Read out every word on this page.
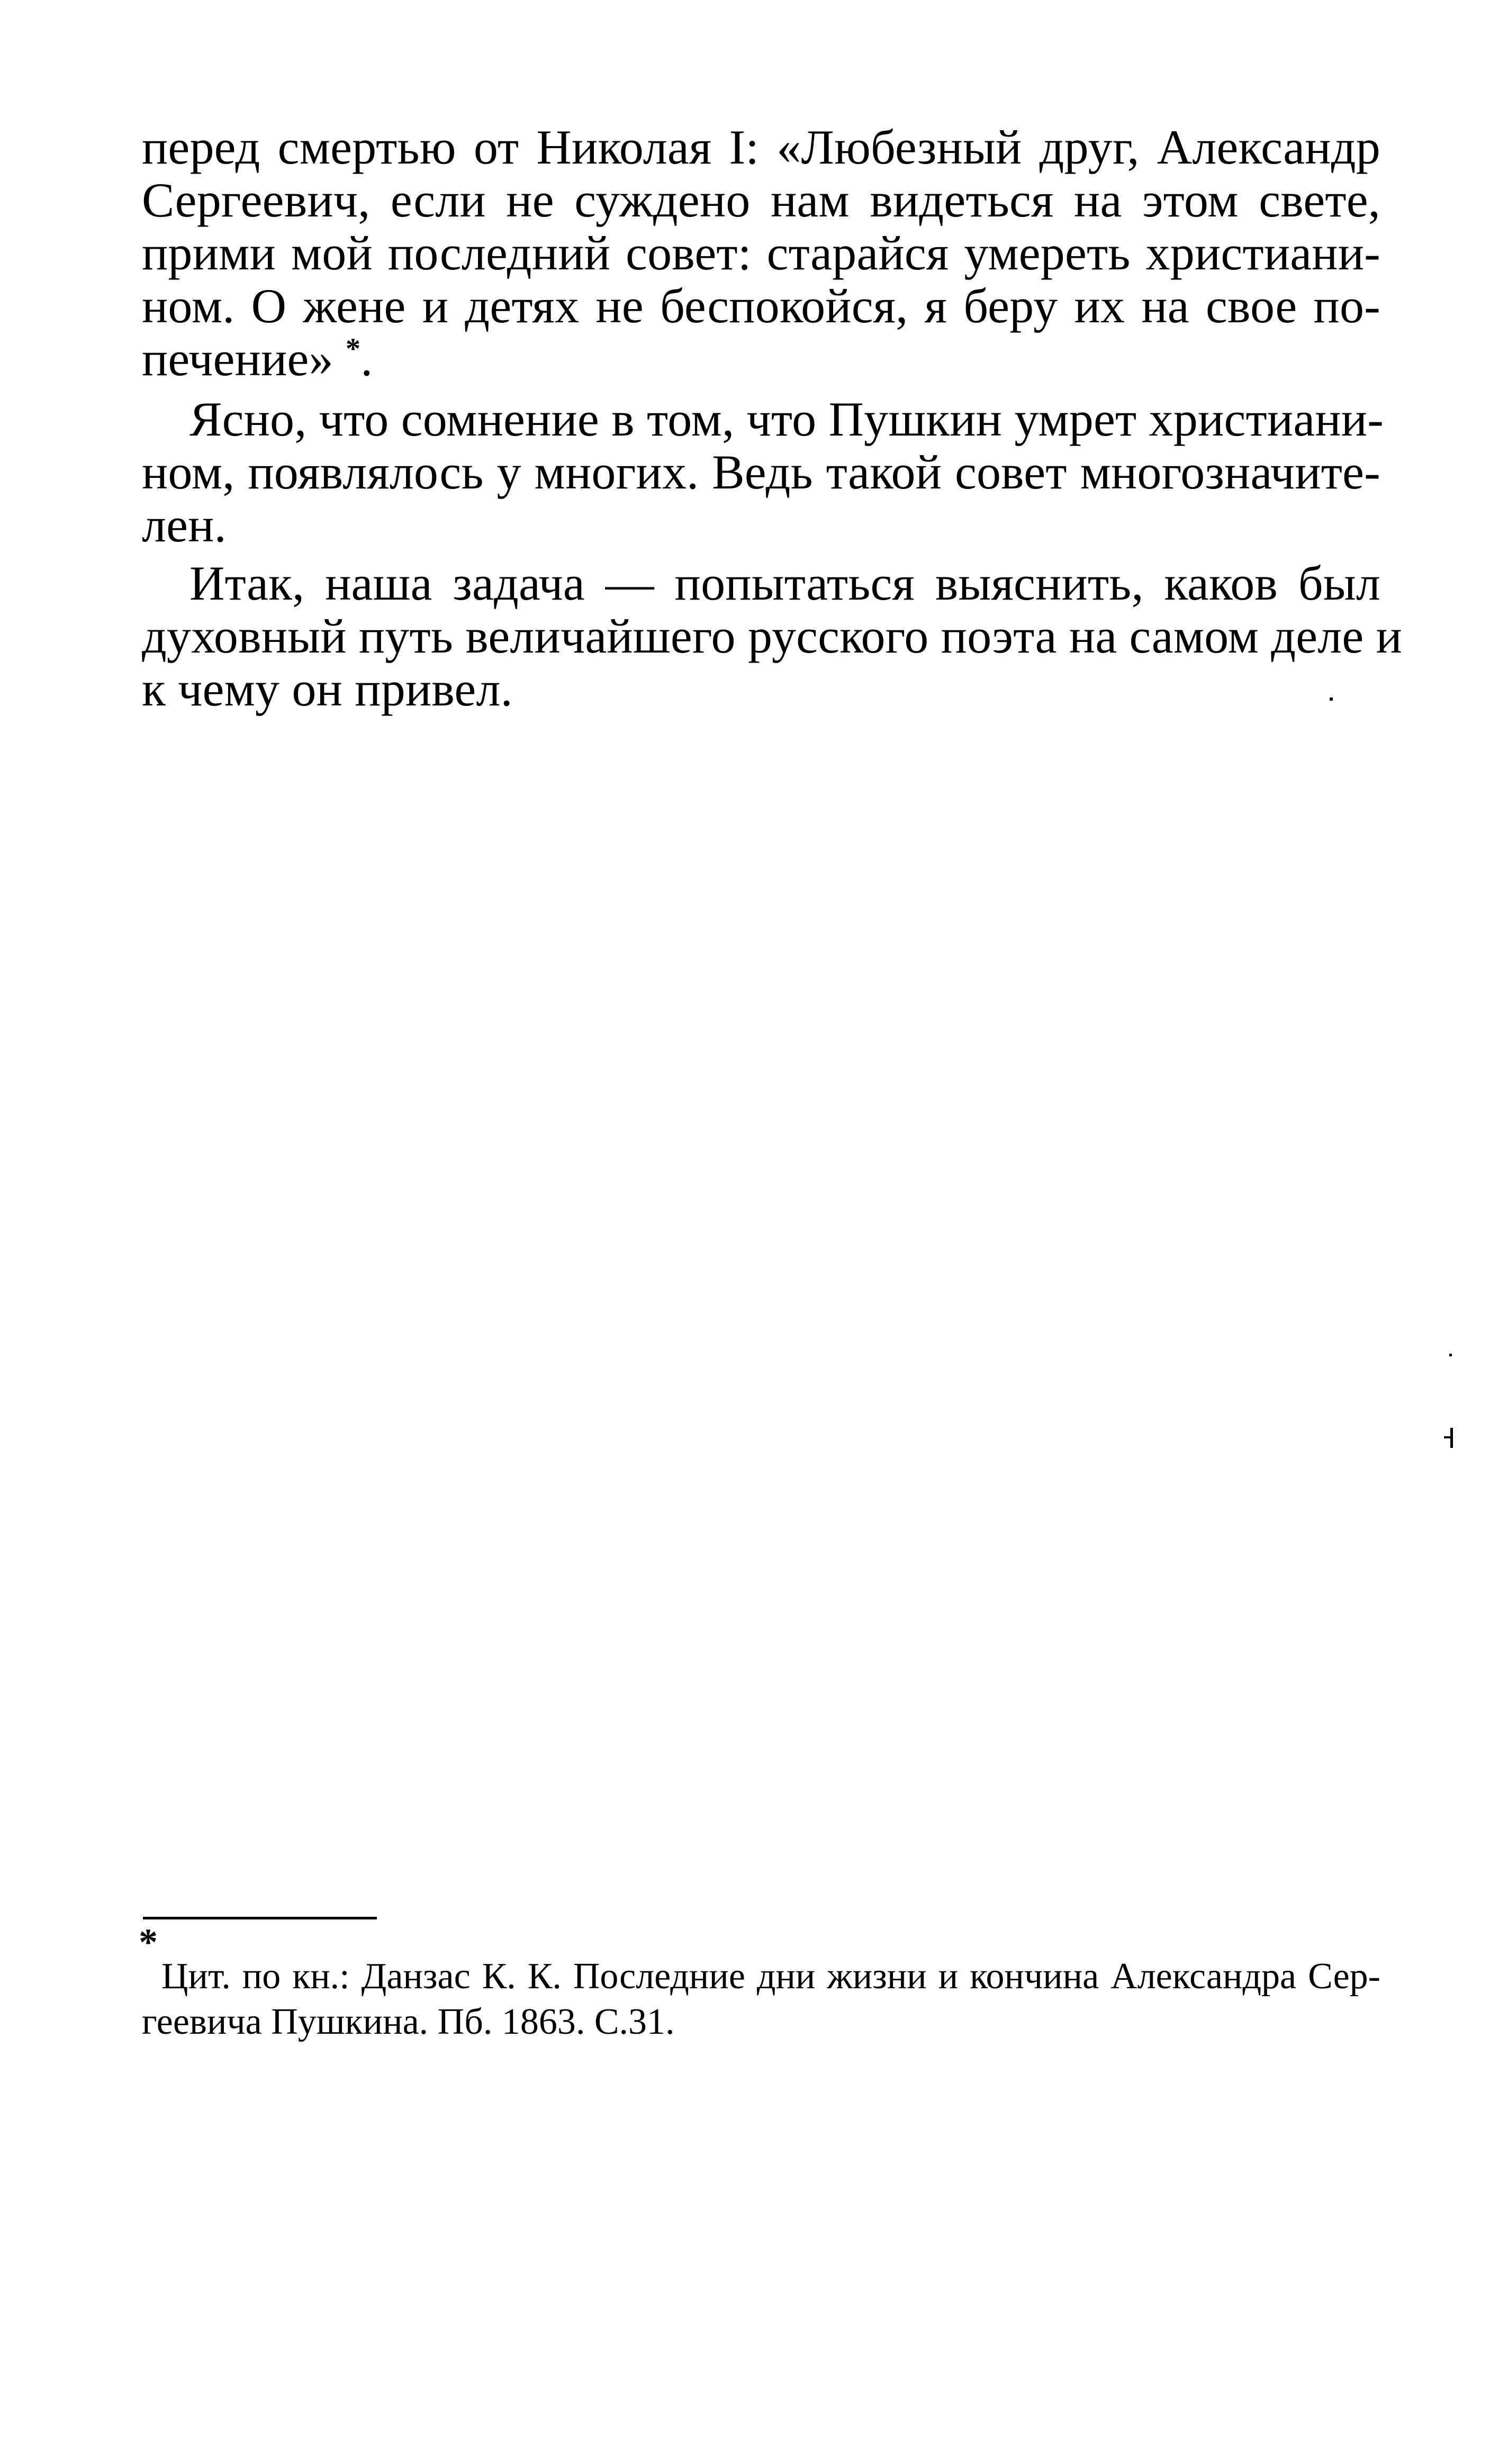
перед смертью от Николая I: «Любезный друг, Александр
Сергеевич, если не суждено нам видеться на этом свете,
прими мой последний совет: старайся умереть христиани-
ном. О жене и детях не беспокойся, я беру их на свое по-
печение» *.
Ясно, что сомнение в том, что Пушкин умрет христиани-
ном, появлялось у многих. Ведь такой совет многозначите-
лен.
Итак, наша задача — попытаться выяснить, каков был
духовный путь величайшего русского поэта на самом деле и
к чему он привел.
*
Цит. по кн.: Данзас К. К. Последние дни жизни и кончина Александра Сер-
геевича Пушкина. Пб. 1863. С.31.
